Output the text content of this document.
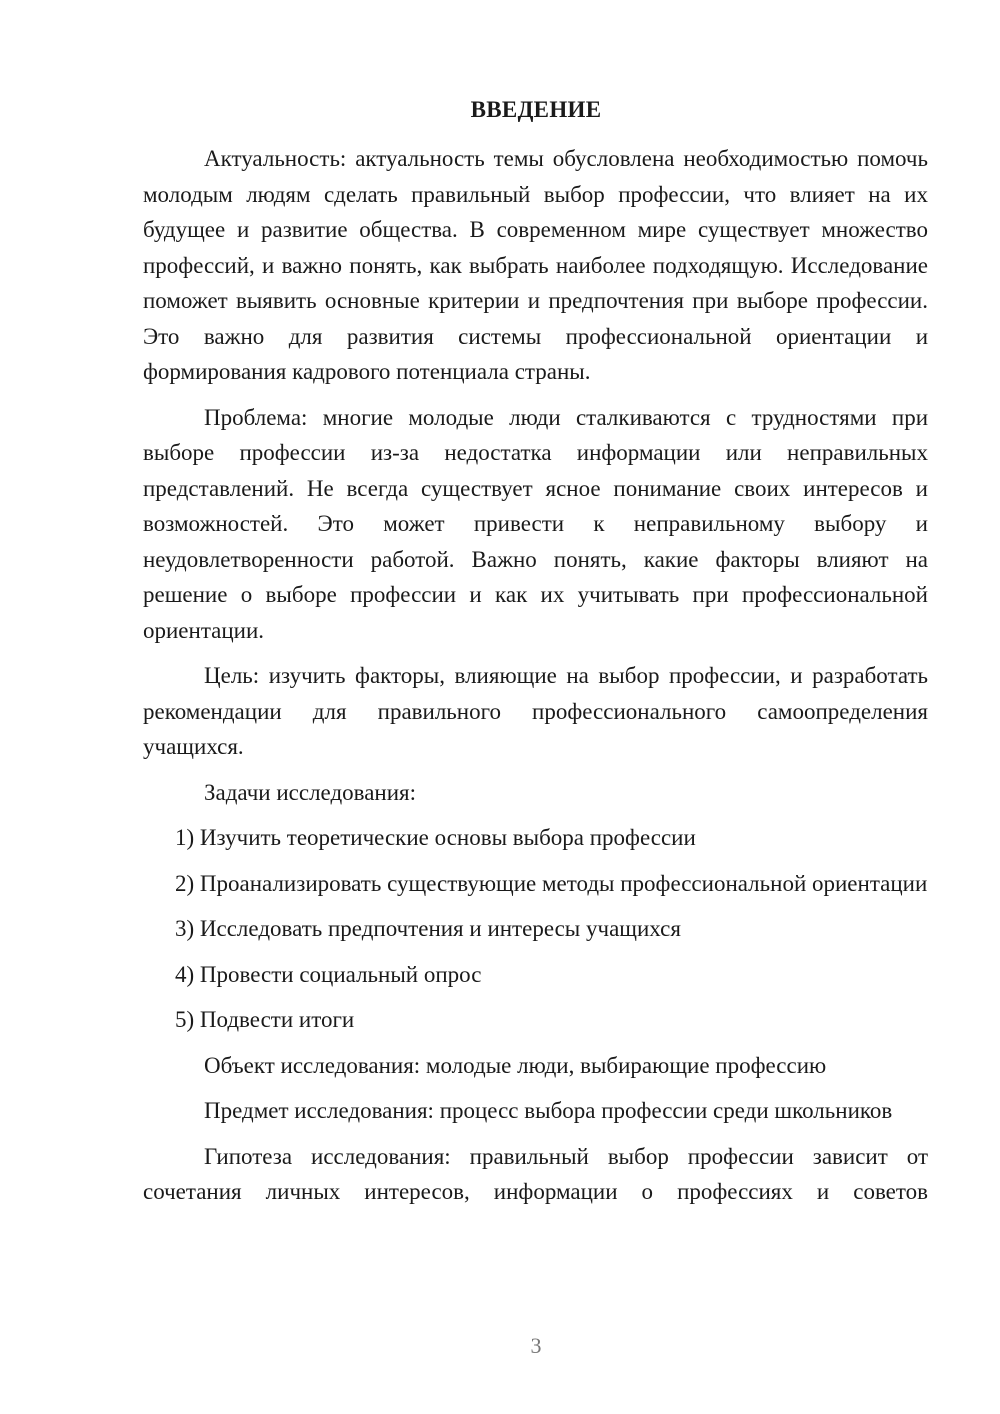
ВВЕДЕНИЕ

Актуальность: актуальность темы обусловлена необходимостью помочь молодым людям сделать правильный выбор профессии, что влияет на их будущее и развитие общества. В современном мире существует множество профессий, и важно понять, как выбрать наиболее подходящую. Исследование поможет выявить основные критерии и предпочтения при выборе профессии. Это важно для развития системы профессиональной ориентации и формирования кадрового потенциала страны.

Проблема: многие молодые люди сталкиваются с трудностями при выборе профессии из-за недостатка информации или неправильных представлений. Не всегда существует ясное понимание своих интересов и возможностей. Это может привести к неправильному выбору и неудовлетворенности работой. Важно понять, какие факторы влияют на решение о выборе профессии и как их учитывать при профессиональной ориентации.

Цель: изучить факторы, влияющие на выбор профессии, и разработать рекомендации для правильного профессионального самоопределения учащихся.

Задачи исследования:

1) Изучить теоретические основы выбора профессии

2) Проанализировать существующие методы профессиональной ориентации

3) Исследовать предпочтения и интересы учащихся

4) Провести социальный опрос

5) Подвести итоги

Объект исследования: молодые люди, выбирающие профессию

Предмет исследования: процесс выбора профессии среди школьников

Гипотеза исследования: правильный выбор профессии зависит от сочетания личных интересов, информации о профессиях и советов

3
